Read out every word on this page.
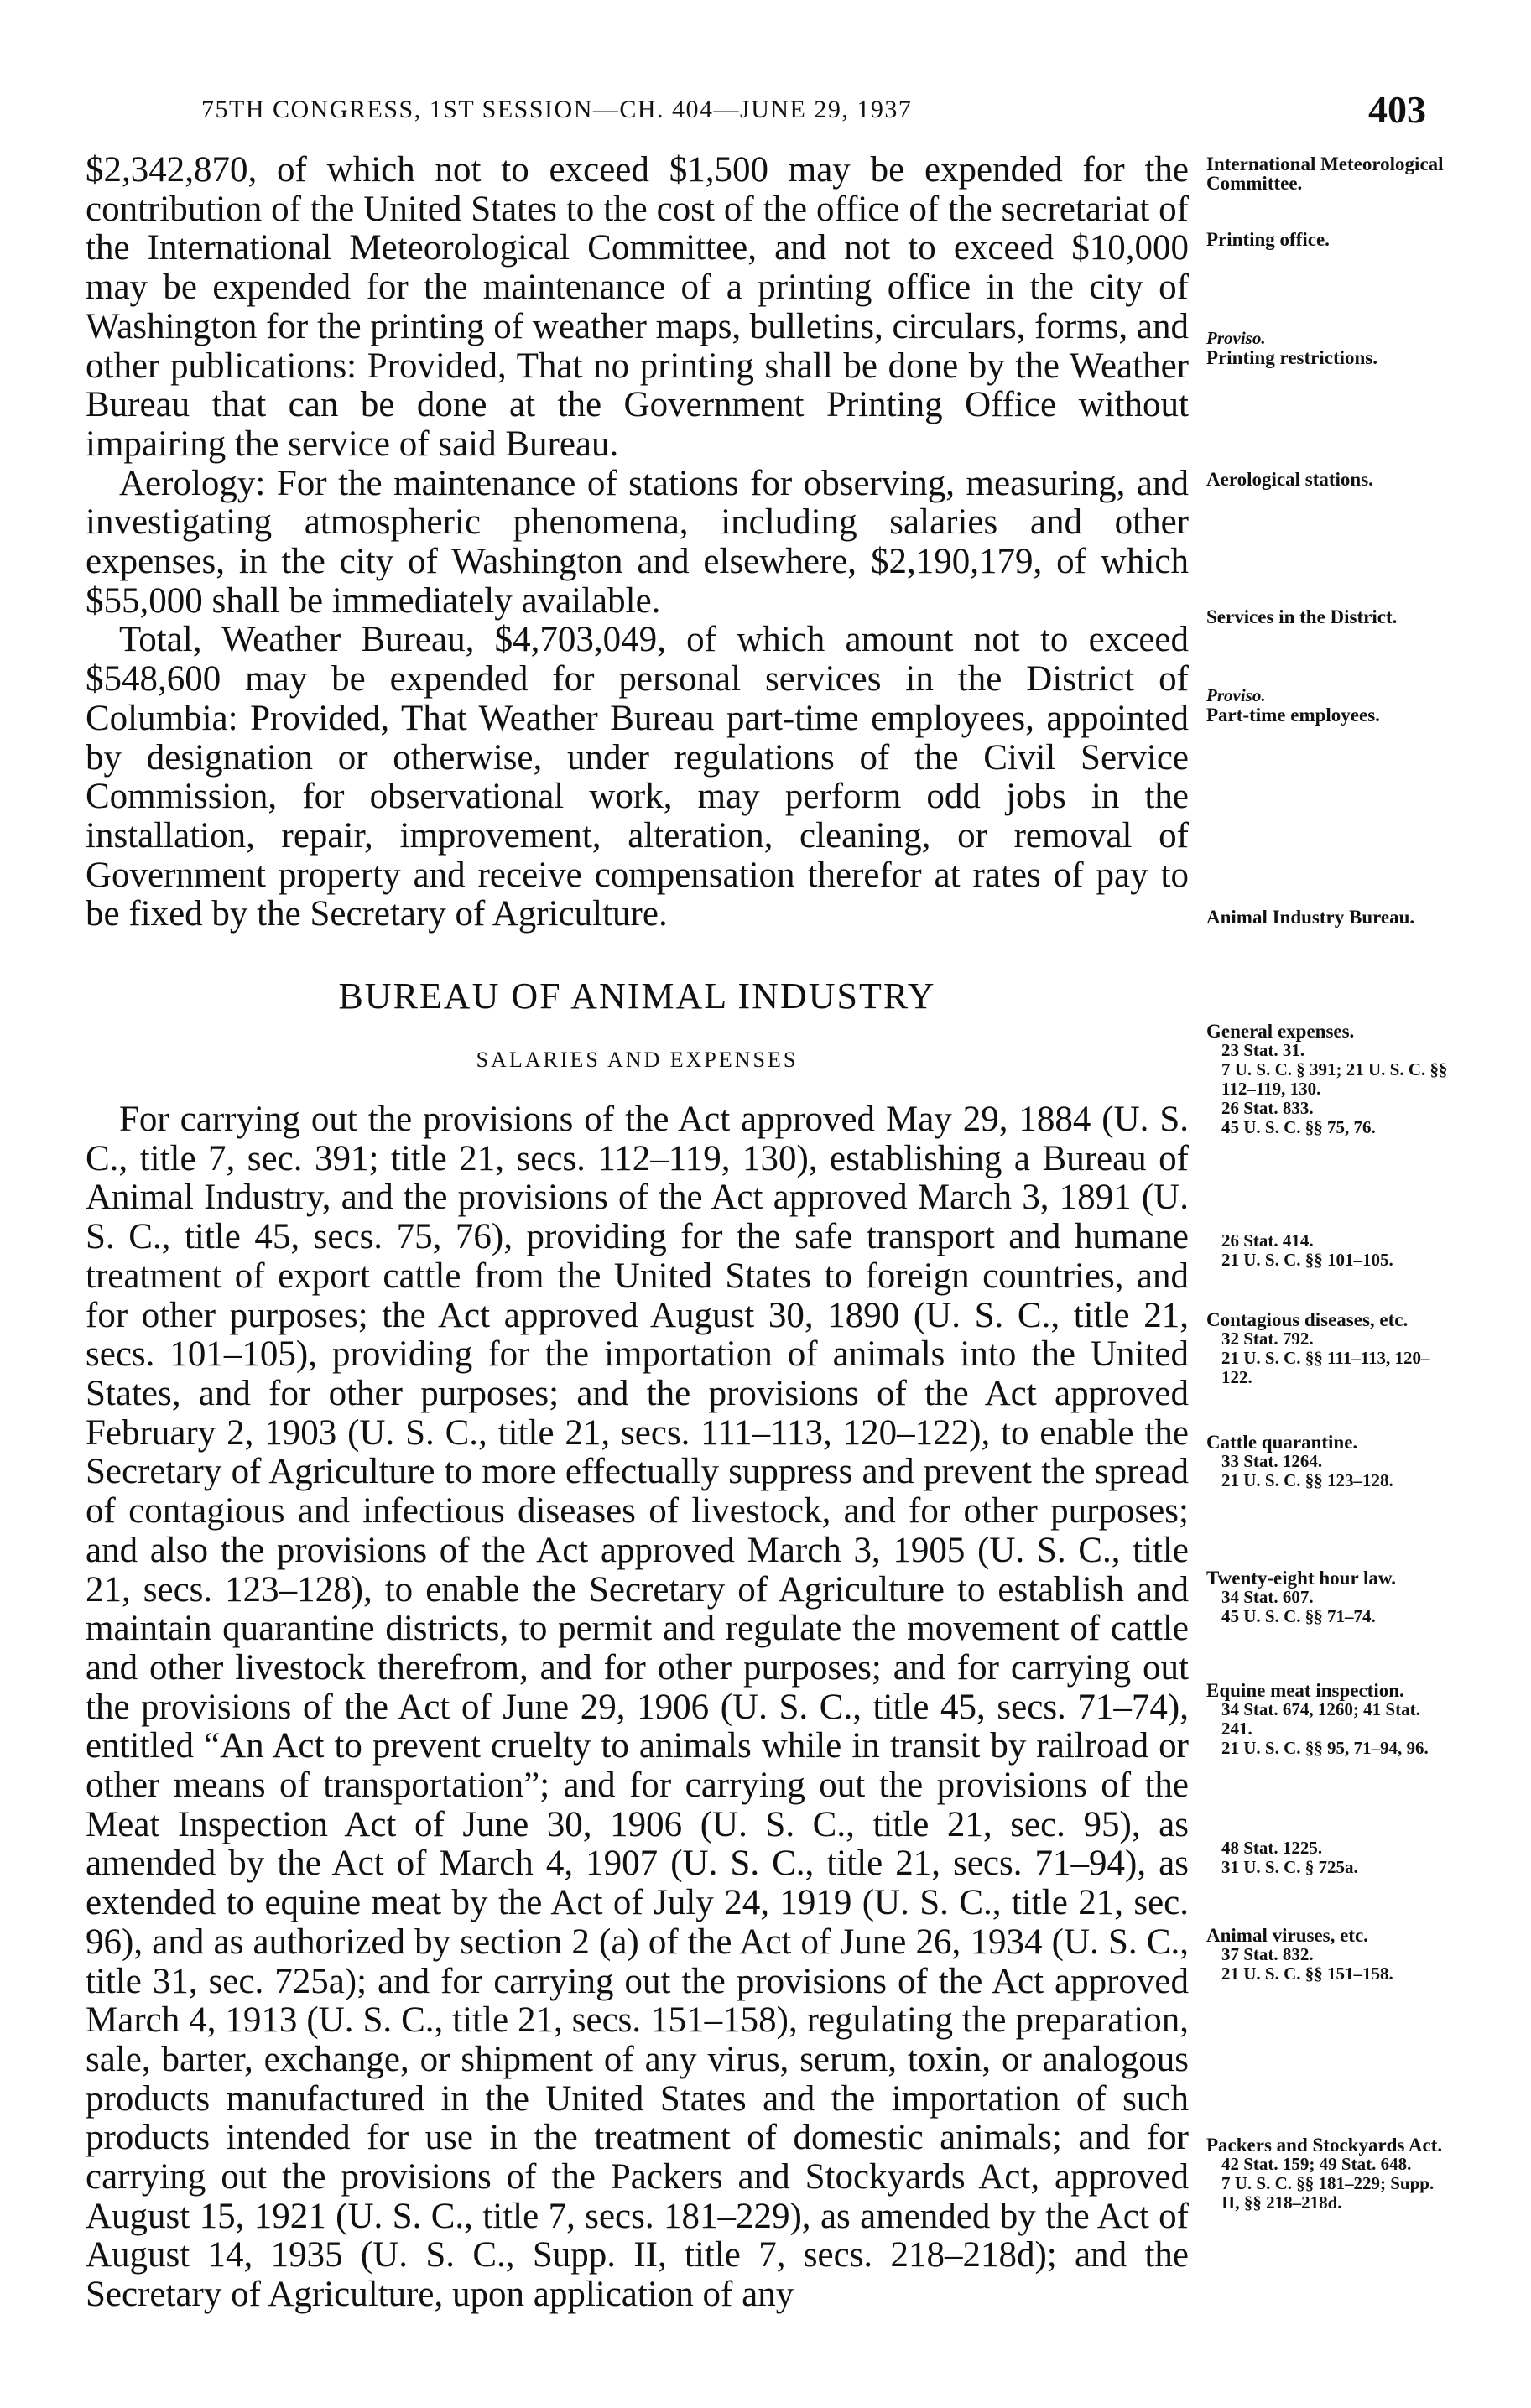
75TH CONGRESS, 1ST SESSION—CH. 404—JUNE 29, 1937	403

$2,342,870, of which not to exceed $1,500 may be expended for the contribution of the United States to the cost of the office of the secretariat of the International Meteorological Committee, and not to exceed $10,000 may be expended for the maintenance of a printing office in the city of Washington for the printing of weather maps, bulletins, circulars, forms, and other publications: Provided, That no printing shall be done by the Weather Bureau that can be done at the Government Printing Office without impairing the service of said Bureau.

Aerology: For the maintenance of stations for observing, measuring, and investigating atmospheric phenomena, including salaries and other expenses, in the city of Washington and elsewhere, $2,190,179, of which $55,000 shall be immediately available.

Total, Weather Bureau, $4,703,049, of which amount not to exceed $548,600 may be expended for personal services in the District of Columbia: Provided, That Weather Bureau part-time employees, appointed by designation or otherwise, under regulations of the Civil Service Commission, for observational work, may perform odd jobs in the installation, repair, improvement, alteration, cleaning, or removal of Government property and receive compensation therefor at rates of pay to be fixed by the Secretary of Agriculture.

BUREAU OF ANIMAL INDUSTRY
SALARIES AND EXPENSES

For carrying out the provisions of the Act approved May 29, 1884 (U. S. C., title 7, sec. 391; title 21, secs. 112–119, 130), establishing a Bureau of Animal Industry, and the provisions of the Act approved March 3, 1891 (U. S. C., title 45, secs. 75, 76), providing for the safe transport and humane treatment of export cattle from the United States to foreign countries, and for other purposes; the Act approved August 30, 1890 (U. S. C., title 21, secs. 101–105), providing for the importation of animals into the United States, and for other purposes; and the provisions of the Act approved February 2, 1903 (U. S. C., title 21, secs. 111–113, 120–122), to enable the Secretary of Agriculture to more effectually suppress and prevent the spread of contagious and infectious diseases of livestock, and for other purposes; and also the provisions of the Act approved March 3, 1905 (U. S. C., title 21, secs. 123–128), to enable the Secretary of Agriculture to establish and maintain quarantine districts, to permit and regulate the movement of cattle and other livestock therefrom, and for other purposes; and for carrying out the provisions of the Act of June 29, 1906 (U. S. C., title 45, secs. 71–74), entitled “An Act to prevent cruelty to animals while in transit by railroad or other means of transportation”; and for carrying out the provisions of the Meat Inspection Act of June 30, 1906 (U. S. C., title 21, sec. 95), as amended by the Act of March 4, 1907 (U. S. C., title 21, secs. 71–94), as extended to equine meat by the Act of July 24, 1919 (U. S. C., title 21, sec. 96), and as authorized by section 2 (a) of the Act of June 26, 1934 (U. S. C., title 31, sec. 725a); and for carrying out the provisions of the Act approved March 4, 1913 (U. S. C., title 21, secs. 151–158), regulating the preparation, sale, barter, exchange, or shipment of any virus, serum, toxin, or analogous products manufactured in the United States and the importation of such products intended for use in the treatment of domestic animals; and for carrying out the provisions of the Packers and Stockyards Act, approved August 15, 1921 (U. S. C., title 7, secs. 181–229), as amended by the Act of August 14, 1935 (U. S. C., Supp. II, title 7, secs. 218–218d); and the Secretary of Agriculture, upon application of any

International Meteorological Committee.
Printing office.
Proviso.
Printing restrictions.
Aerological stations.
Services in the District.
Proviso.
Part-time employees.
Animal Industry Bureau.
General expenses.
23 Stat. 31.
7 U. S. C. § 391; 21 U. S. C. §§ 112–119, 130.
26 Stat. 833.
45 U. S. C. §§ 75, 76.
26 Stat. 414.
21 U. S. C. §§ 101–105.
Contagious diseases, etc.
32 Stat. 792.
21 U. S. C. §§ 111–113, 120–122.
Cattle quarantine.
33 Stat. 1264.
21 U. S. C. §§ 123–128.
Twenty-eight hour law.
34 Stat. 607.
45 U. S. C. §§ 71–74.
Equine meat inspection.
34 Stat. 674, 1260; 41 Stat. 241.
21 U. S. C. §§ 95, 71–94, 96.
48 Stat. 1225.
31 U. S. C. § 725a.
Animal viruses, etc.
37 Stat. 832.
21 U. S. C. §§ 151–158.
Packers and Stockyards Act.
42 Stat. 159; 49 Stat. 648.
7 U. S. C. §§ 181–229; Supp. II, §§ 218–218d.
